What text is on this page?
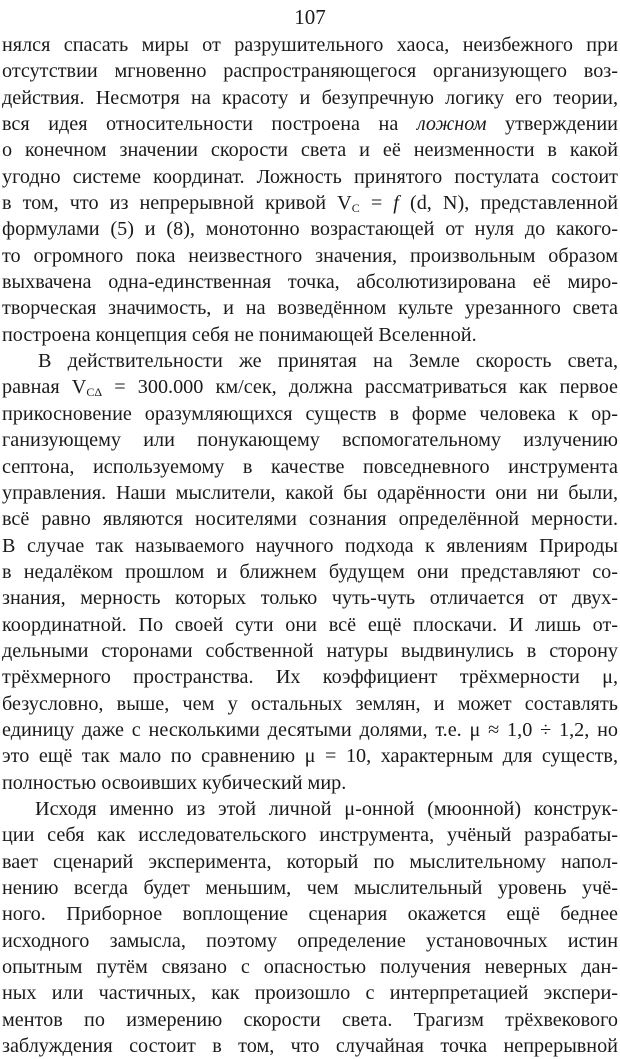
107
нялся спасать миры от разрушительного хаоса, неизбежного при
отсутствии мгновенно распространяющегося организующего воз-
действия. Несмотря на красоту и безупречную логику его теории,
вся идея относительности построена на ложном утверждении
о конечном значении скорости света и её неизменности в какой
угодно системе координат. Ложность принятого постулата состоит
в том, что из непрерывной кривой $V_C = f$ (d, N), представленной
формулами (5) и (8), монотонно возрастающей от нуля до какого-
то огромного пока неизвестного значения, произвольным образом
выхвачена одна-единственная точка, абсолютизирована её миро-
творческая значимость, и на возведённом культе урезанного света
построена концепция себя не понимающей Вселенной.
В действительности же принятая на Земле скорость света,
равная $V_{C\Delta} = 300.000$ км/сек, должна рассматриваться как первое
прикосновение оразумляющихся существ в форме человека к ор-
ганизующему или понукающему вспомогательному излучению
септона, используемому в качестве повседневного инструмента
управления. Наши мыслители, какой бы одарённости они ни были,
всё равно являются носителями сознания определённой мерности.
В случае так называемого научного подхода к явлениям Природы
в недалёком прошлом и ближнем будущем они представляют со-
знания, мерность которых только чуть-чуть отличается от двух-
координатной. По своей сути они всё ещё плоскачи. И лишь от-
дельными сторонами собственной натуры выдвинулись в сторону
трёхмерного пространства. Их коэффициент трёхмерности μ,
безусловно, выше, чем у остальных землян, и может составлять
единицу даже с несколькими десятыми долями, т.е. μ ≈ 1,0 ÷ 1,2, но
это ещё так мало по сравнению μ = 10, характерным для существ,
полностью освоивших кубический мир.
Исходя именно из этой личной μ-онной (мюонной) конструк-
ции себя как исследовательского инструмента, учёный разрабаты-
вает сценарий эксперимента, который по мыслительному напол-
нению всегда будет меньшим, чем мыслительный уровень учё-
ного. Приборное воплощение сценария окажется ещё беднее
исходного замысла, поэтому определение установочных истин
опытным путём связано с опасностью получения неверных дан-
ных или частичных, как произошло с интерпретацией экспери-
ментов по измерению скорости света. Трагизм трёхвекового
заблуждения состоит в том, что случайная точка непрерывной
